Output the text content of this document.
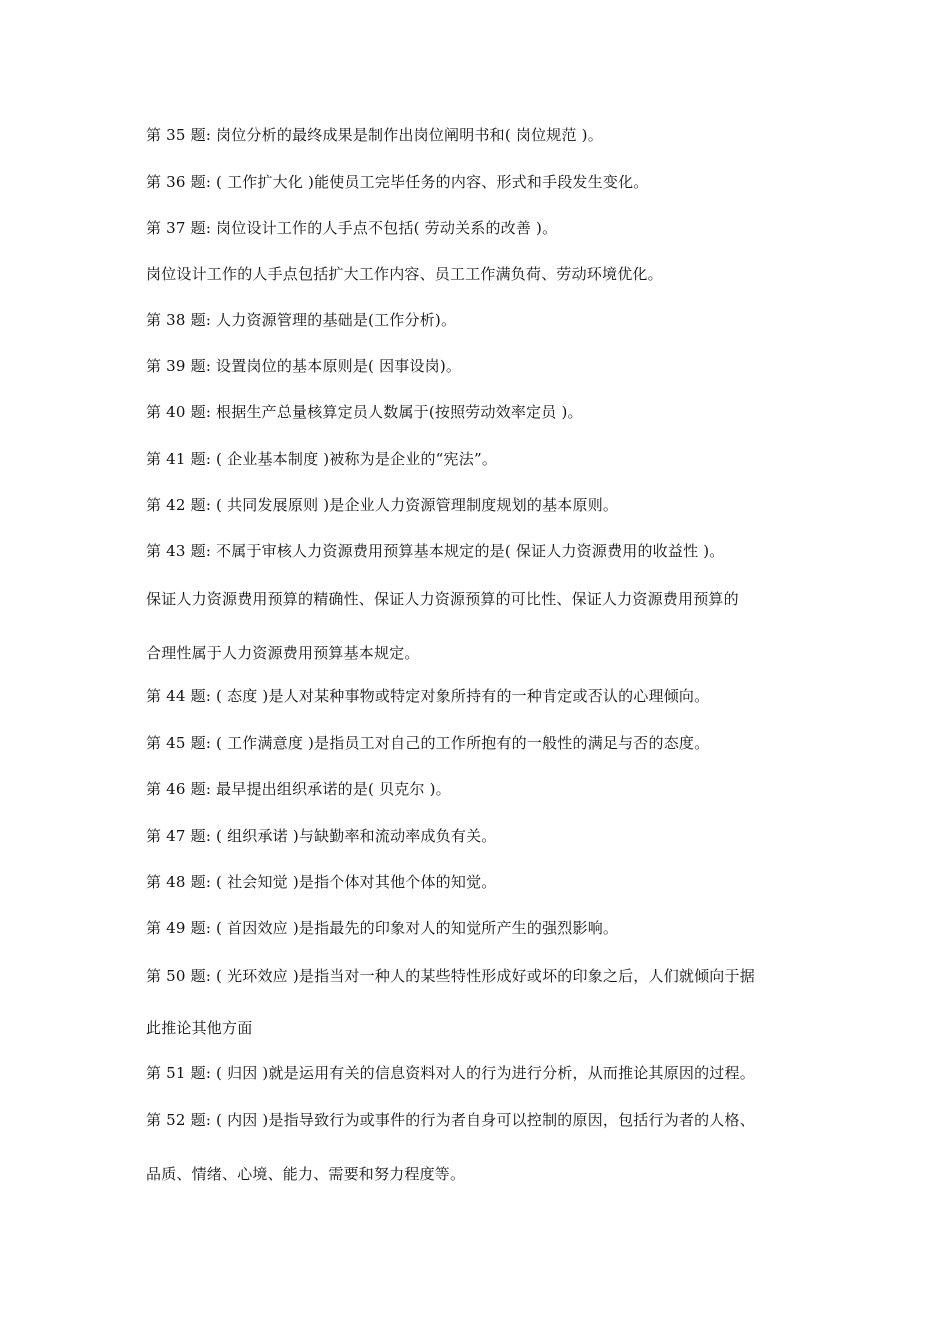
第 35 题: 岗位分析的最终成果是制作出岗位阐明书和( 岗位规范 )。
第 36 题: ( 工作扩大化 )能使员工完毕任务的内容、形式和手段发生变化。
第 37 题: 岗位设计工作的人手点不包括( 劳动关系的改善 )。
岗位设计工作的人手点包括扩大工作内容、员工工作满负荷、劳动环境优化。
第 38 题: 人力资源管理的基础是(工作分析)。
第 39 题: 设置岗位的基本原则是( 因事设岗)。
第 40 题: 根据生产总量核算定员人数属于(按照劳动效率定员 )。
第 41 题: ( 企业基本制度 )被称为是企业的“宪法”。
第 42 题: ( 共同发展原则 )是企业人力资源管理制度规划的基本原则。
第 43 题: 不属于审核人力资源费用预算基本规定的是( 保证人力资源费用的收益性 )。
保证人力资源费用预算的精确性、保证人力资源预算的可比性、保证人力资源费用预算的
合理性属于人力资源费用预算基本规定。
第 44 题: ( 态度 )是人对某种事物或特定对象所持有的一种肯定或否认的心理倾向。
第 45 题: ( 工作满意度 )是指员工对自己的工作所抱有的一般性的满足与否的态度。
第 46 题: 最早提出组织承诺的是( 贝克尔 )。
第 47 题: ( 组织承诺 )与缺勤率和流动率成负有关。
第 48 题: ( 社会知觉 )是指个体对其他个体的知觉。
第 49 题: ( 首因效应 )是指最先的印象对人的知觉所产生的强烈影响。
第 50 题: ( 光环效应 )是指当对一种人的某些特性形成好或坏的印象之后，人们就倾向于据
此推论其他方面
第 51 题: ( 归因 )就是运用有关的信息资料对人的行为进行分析，从而推论其原因的过程。
第 52 题: ( 内因 )是指导致行为或事件的行为者自身可以控制的原因，包括行为者的人格、
品质、情绪、心境、能力、需要和努力程度等。
